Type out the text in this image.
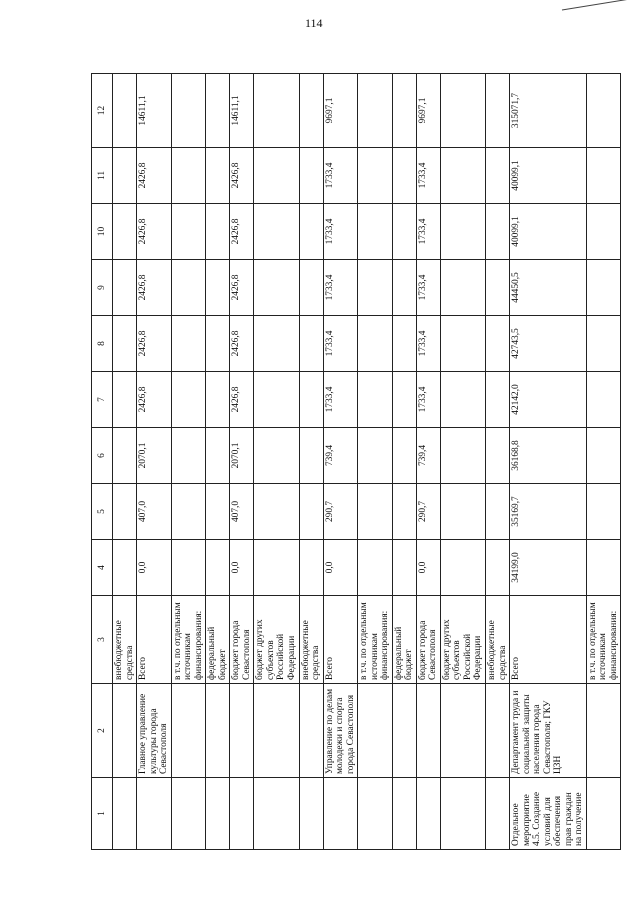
114
1	2	3	4	5	6	7	8	9	10	11	12
		внебюджетные средства									
	Главное управление культуры города Севастополя	Всего	0,0	407,0	2070,1	2426,8	2426,8	2426,8	2426,8	2426,8	14611,1
		в т.ч. по отдельным источникам финансирования:									
		федеральный бюджет									
		бюджет города Севастополя	0,0	407,0	2070,1	2426,8	2426,8	2426,8	2426,8	2426,8	14611,1
		бюджет других субъектов Российской Федерации									
		внебюджетные средства									
	Управление по делам молодежи и спорта города Севастополя	Всего	0,0	290,7	739,4	1733,4	1733,4	1733,4	1733,4	1733,4	9697,1
		в т.ч. по отдельным источникам финансирования:									
		федеральный бюджет									
		бюджет города Севастополя	0,0	290,7	739,4	1733,4	1733,4	1733,4	1733,4	1733,4	9697,1
		бюджет других субъектов Российской Федерации									
		внебюджетные средства									
Отдельное мероприятие 4.5. Создание условий для обеспечения прав граждан на получение	Департамент труда и социальной защиты населения города Севастополя; ГКУ ЦЗН	Всего	34199,0	35169,7	36168,8	42142,0	42743,5	44450,5	40099,1	40099,1	315071,7
		в т.ч. по отдельным источникам финансирования:									
